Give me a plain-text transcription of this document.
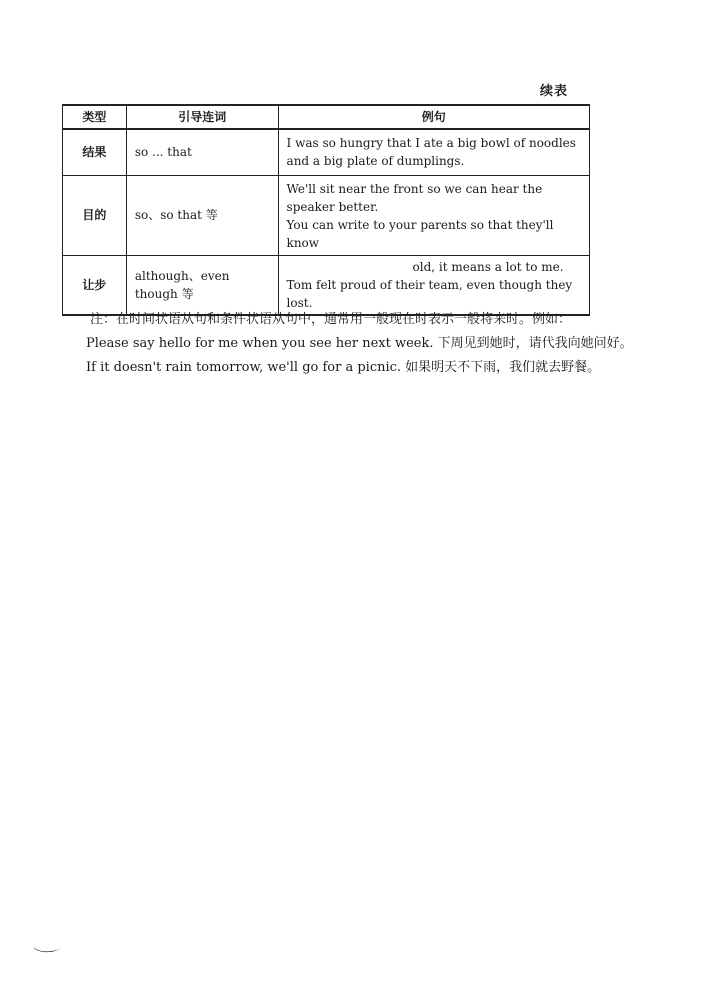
续表
类型	引导连词	例句
结果	so ... that	I was so hungry that I ate a big bowl of noodles and a big plate of dumplings.

目的	so、so that 等	We'll sit near the front so we can hear the speaker better.
You can write to your parents so that they'll know

让步	although、even though 等	old, it means a lot to me.
Tom felt proud of their team, even though they lost.

注：在时间状语从句和条件状语从句中，通常用一般现在时表示一般将来时。例如：

Please say hello for me when you see her next week. 下周见到她时，请代我向她问好。

If it doesn't rain tomorrow, we'll go for a picnic. 如果明天不下雨，我们就去野餐。
